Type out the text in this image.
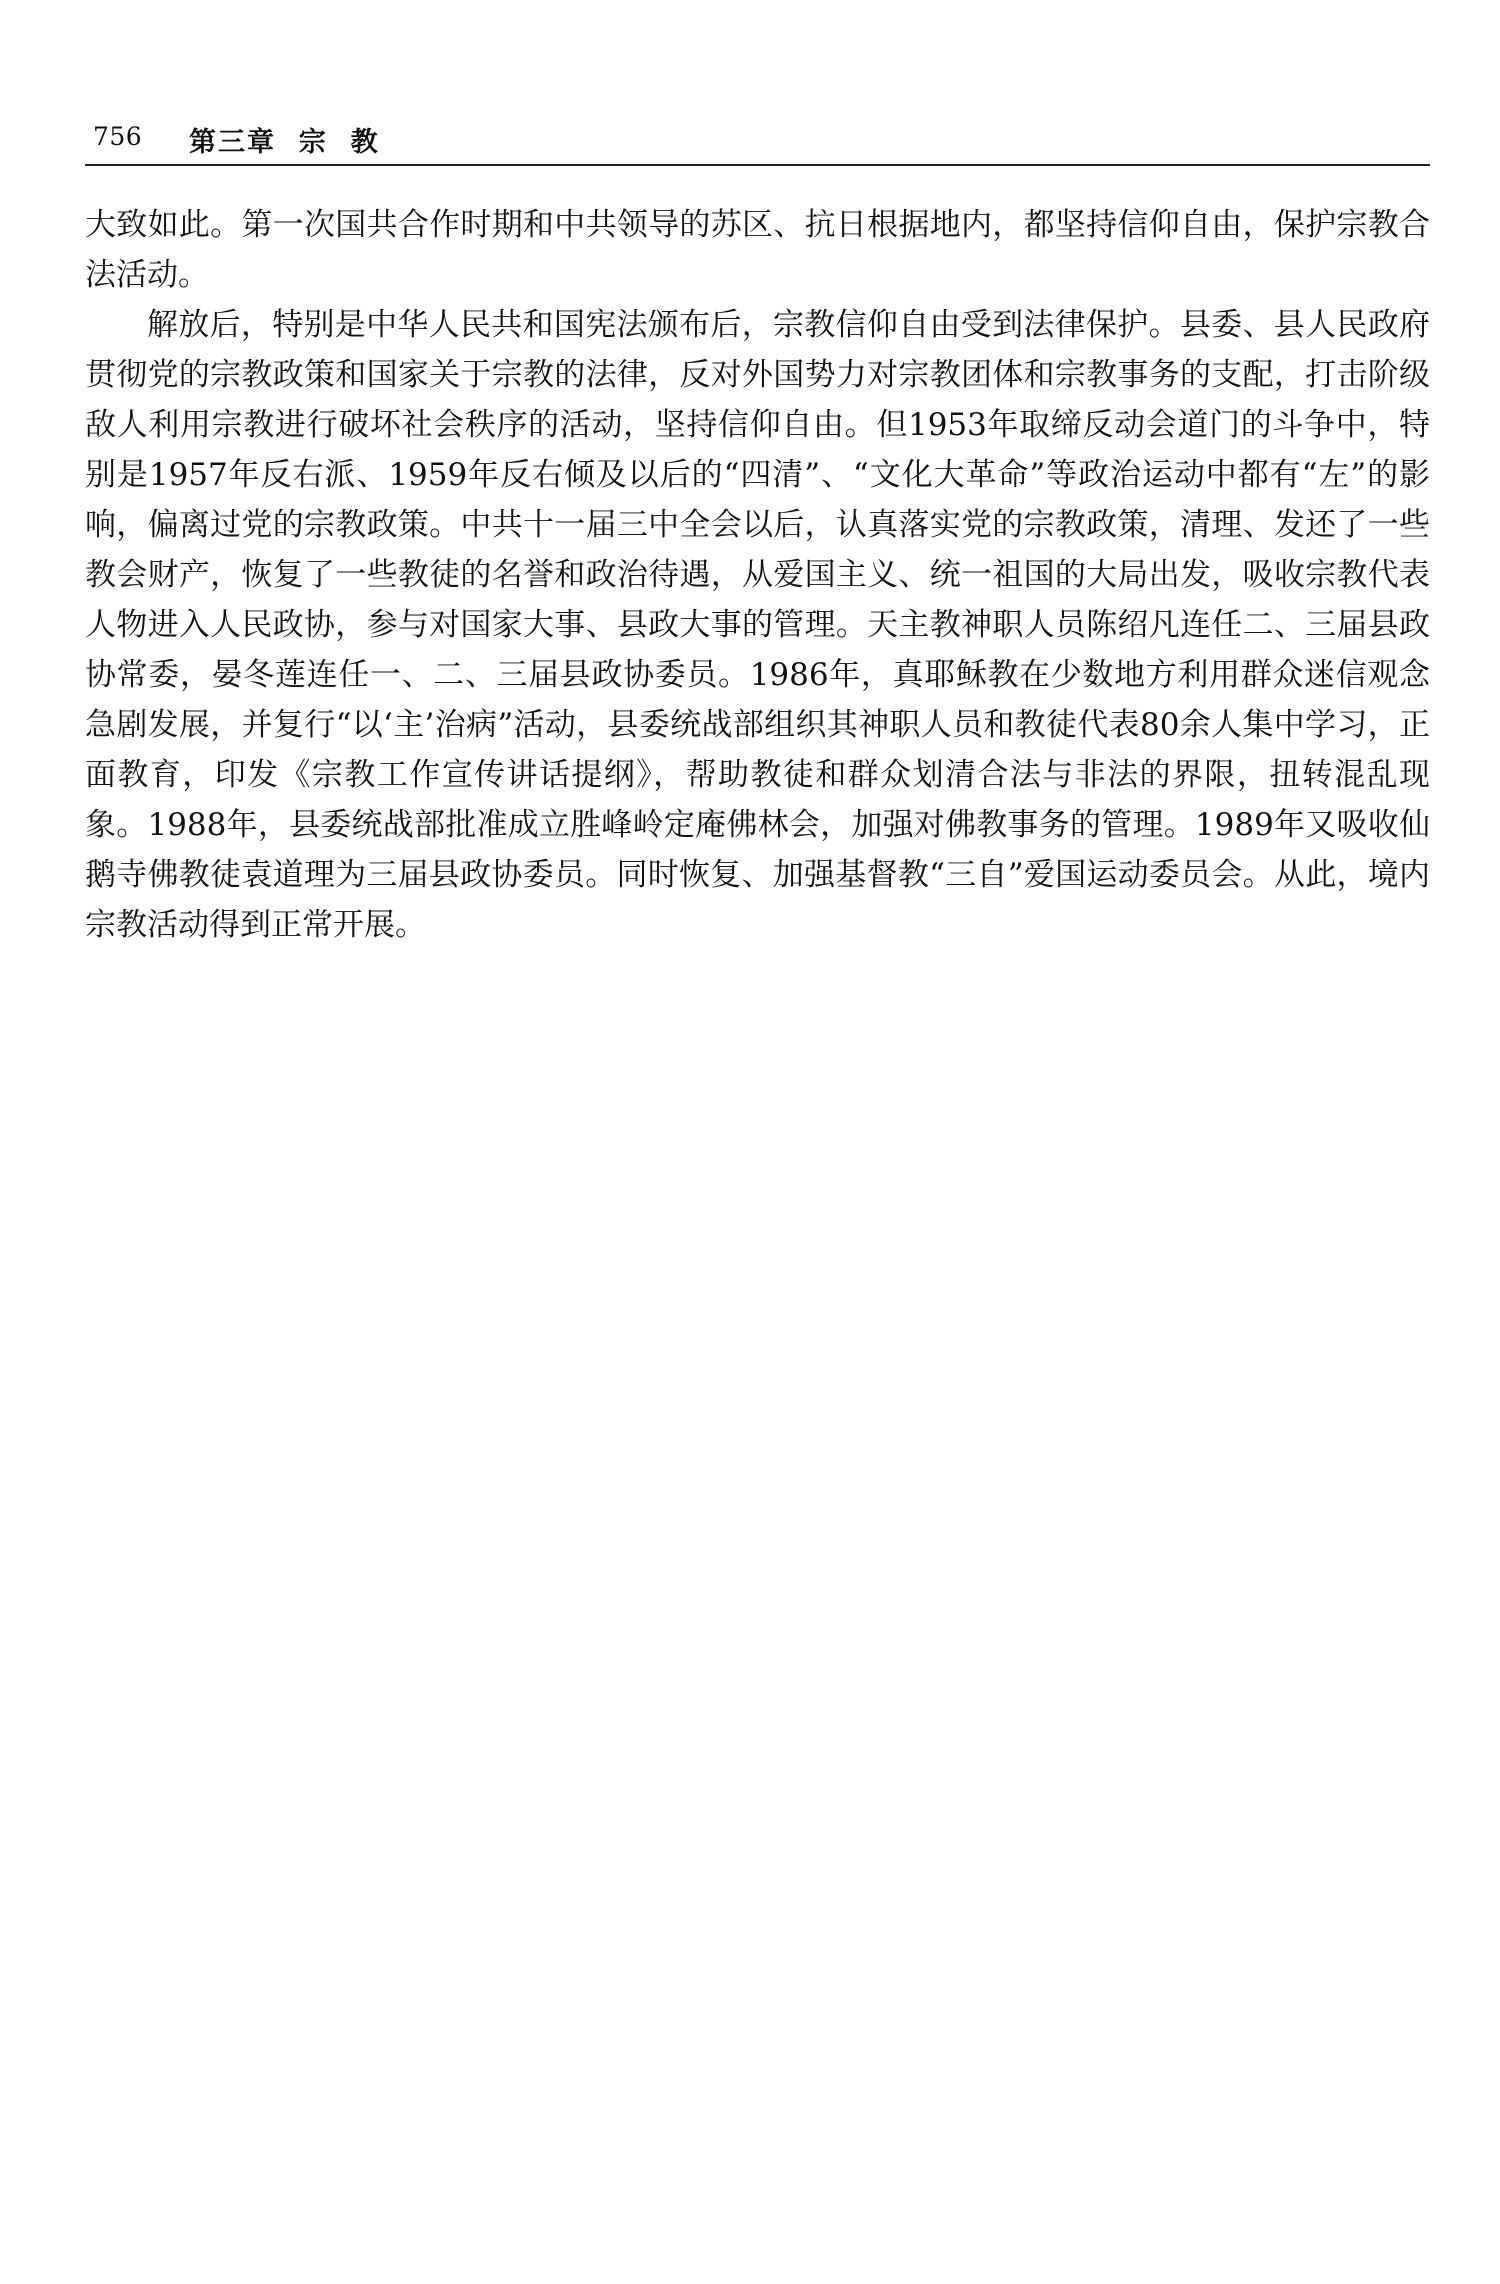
756 第三章  宗  教

大致如此。第一次国共合作时期和中共领导的苏区、抗日根据地内，都坚持信仰自由，保护宗教合法活动。

解放后，特别是中华人民共和国宪法颁布后，宗教信仰自由受到法律保护。县委、县人民政府贯彻党的宗教政策和国家关于宗教的法律，反对外国势力对宗教团体和宗教事务的支配，打击阶级敌人利用宗教进行破坏社会秩序的活动，坚持信仰自由。但1953年取缔反动会道门的斗争中，特别是1957年反右派、1959年反右倾及以后的“四清”、“文化大革命”等政治运动中都有“左”的影响，偏离过党的宗教政策。中共十一届三中全会以后，认真落实党的宗教政策，清理、发还了一些教会财产，恢复了一些教徒的名誉和政治待遇，从爱国主义、统一祖国的大局出发，吸收宗教代表人物进入人民政协，参与对国家大事、县政大事的管理。天主教神职人员陈绍凡连任二、三届县政协常委，晏冬莲连任一、二、三届县政协委员。1986年，真耶稣教在少数地方利用群众迷信观念急剧发展，并复行“以‘主’治病”活动，县委统战部组织其神职人员和教徒代表80余人集中学习，正面教育，印发《宗教工作宣传讲话提纲》，帮助教徒和群众划清合法与非法的界限，扭转混乱现象。1988年，县委统战部批准成立胜峰岭定庵佛林会，加强对佛教事务的管理。1989年又吸收仙鹅寺佛教徒袁道理为三届县政协委员。同时恢复、加强基督教“三自”爱国运动委员会。从此，境内宗教活动得到正常开展。
